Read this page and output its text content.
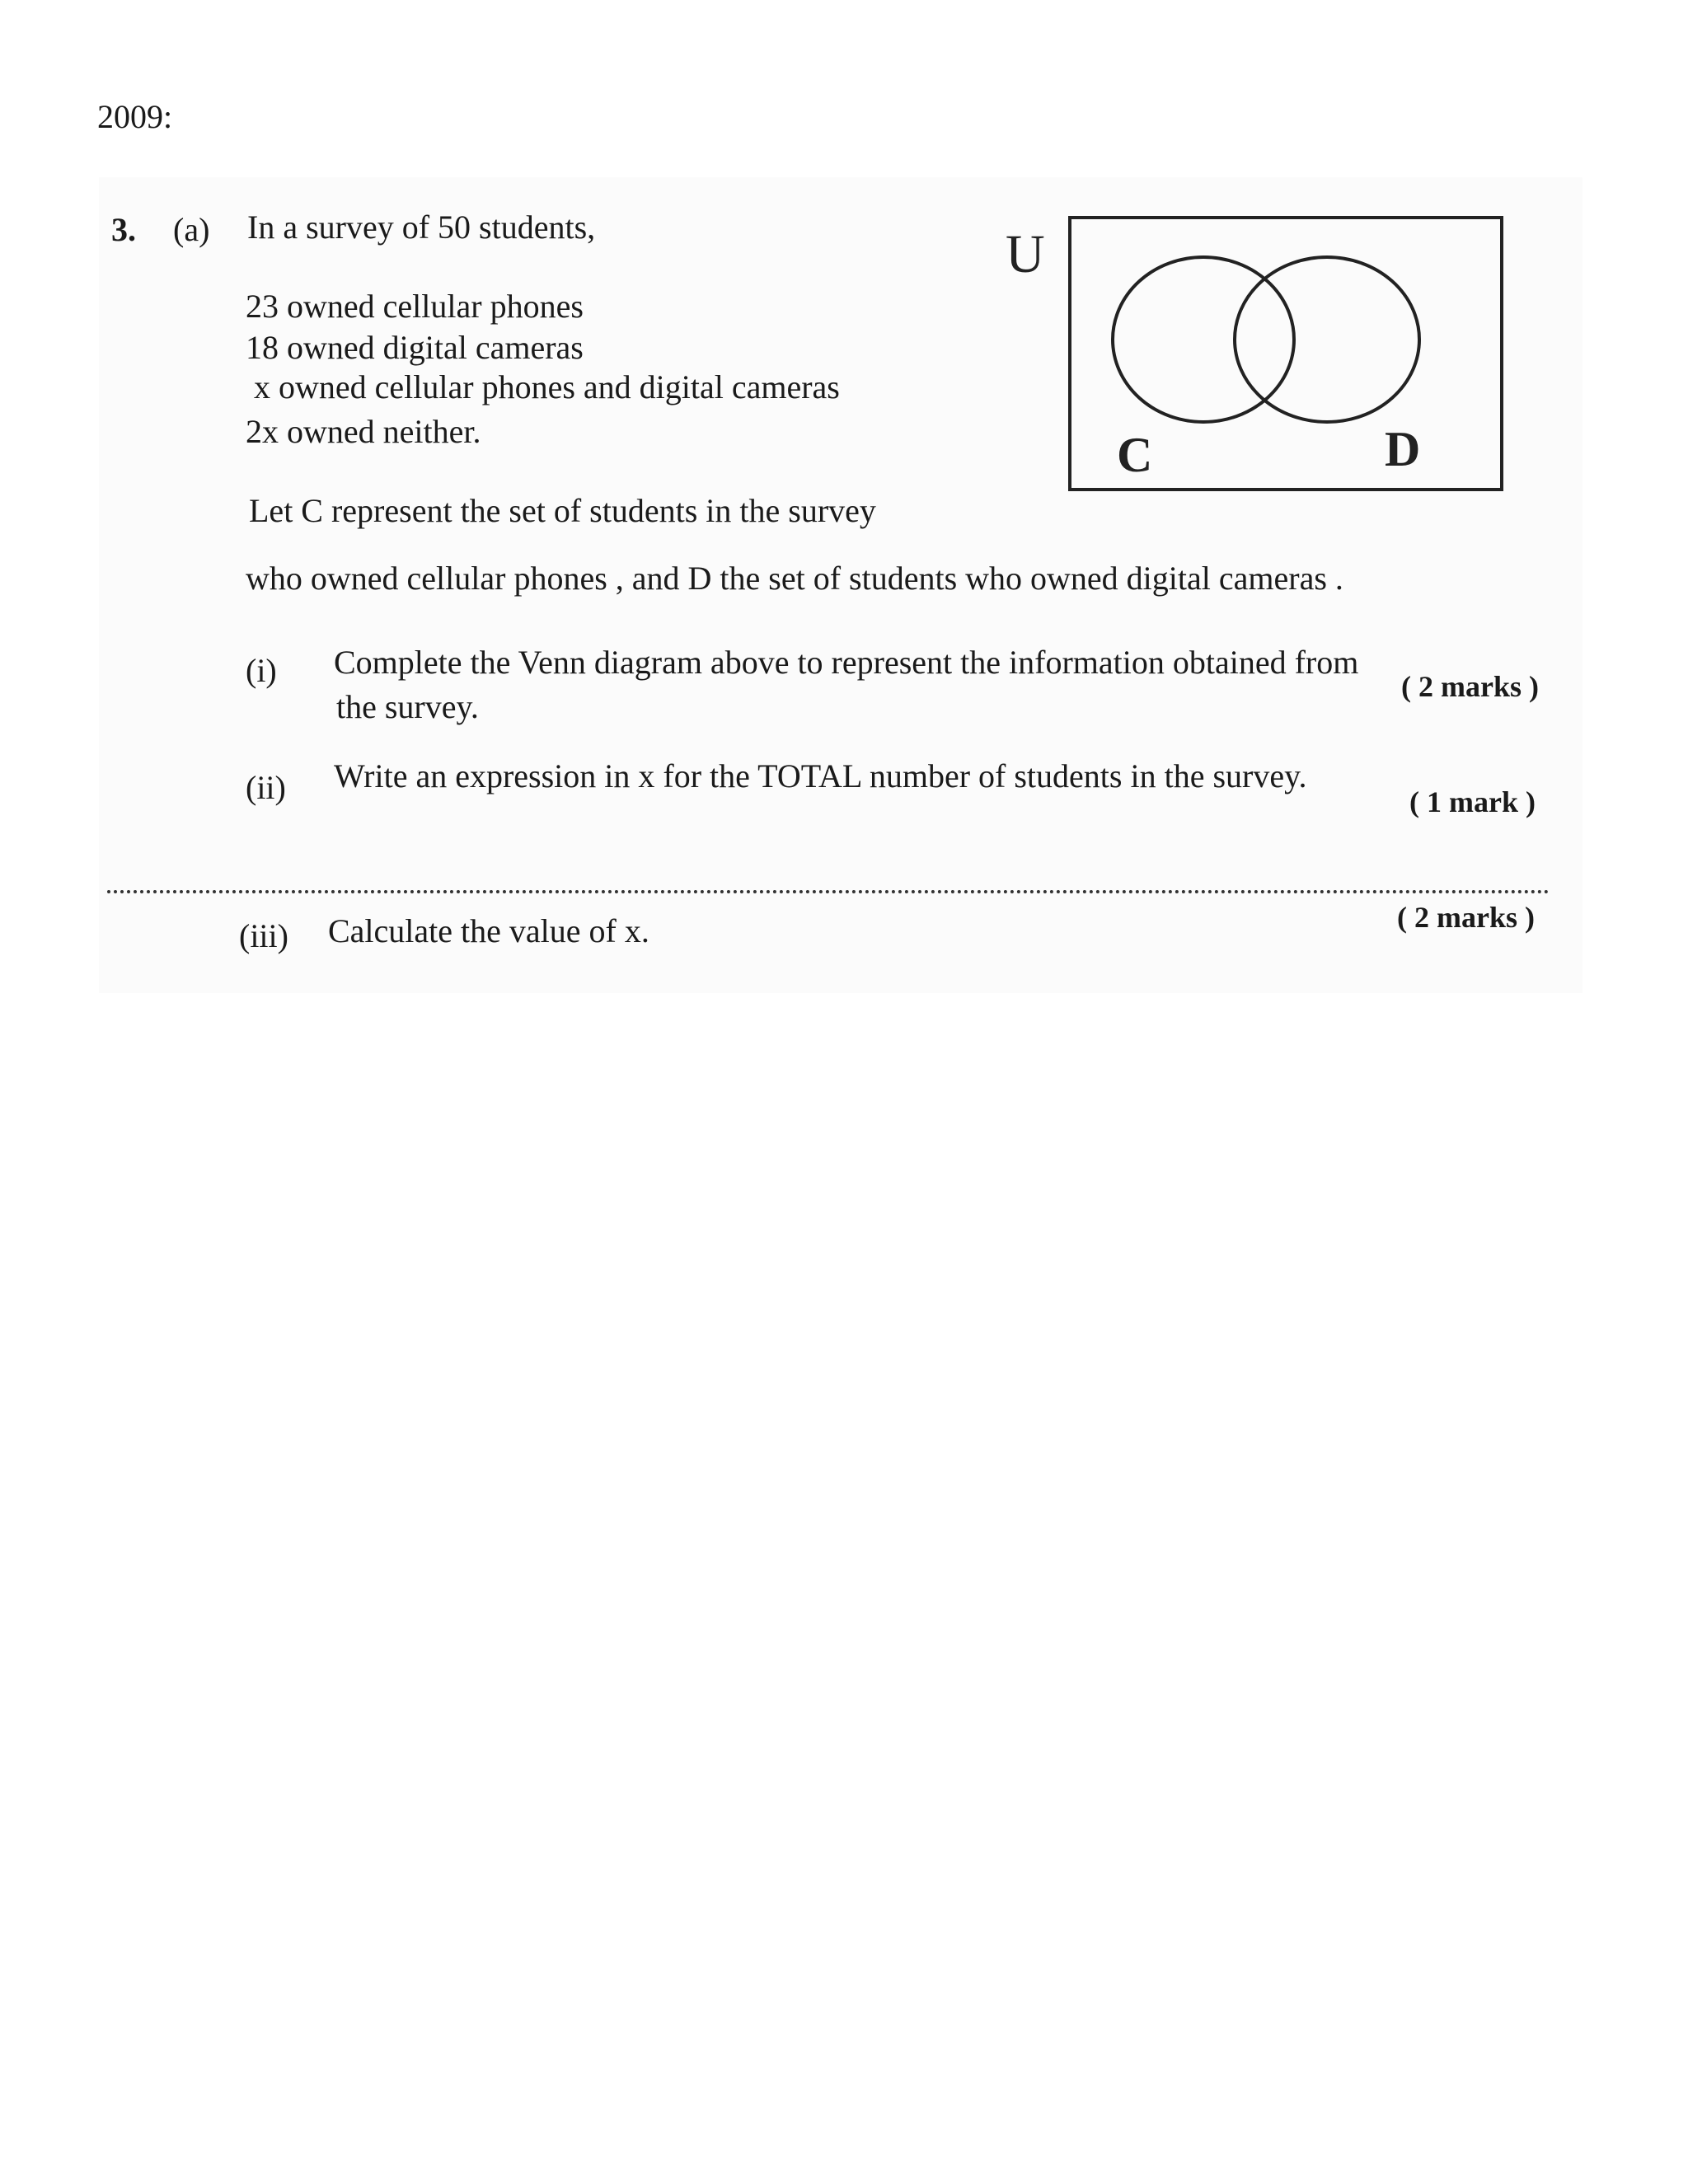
2009:
3. (a) In a survey of 50 students,
23 owned cellular phones
18 owned digital cameras
x owned cellular phones and digital cameras
2x owned neither.
Let C represent the set of students in the survey
who owned cellular phones , and D the set of students who owned digital cameras .
(i) Complete the Venn diagram above to represent the information obtained from
the survey.
( 2 marks )
(ii) Write an expression in x for the TOTAL number of students in the survey.
( 1 mark )
(iii) Calculate the value of x.	( 2 marks )
U
C	D
